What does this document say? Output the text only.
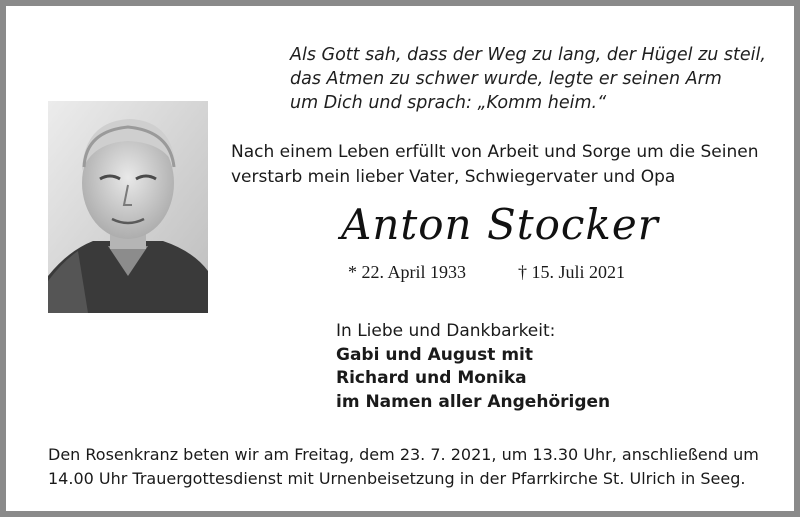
Als Gott sah, dass der Weg zu lang, der Hügel zu steil,
das Atmen zu schwer wurde, legte er seinen Arm
um Dich und sprach: „Komm heim.“
Nach einem Leben erfüllt von Arbeit und Sorge um die Seinen
verstarb mein lieber Vater, Schwiegervater und Opa
Anton Stocker
* 22. April 1933	† 15. Juli 2021
In Liebe und Dankbarkeit:
Gabi und August mit
Richard und Monika
im Namen aller Angehörigen
Den Rosenkranz beten wir am Freitag, dem 23. 7. 2021, um 13.30 Uhr, anschließend um
14.00 Uhr Trauergottesdienst mit Urnenbeisetzung in der Pfarrkirche St. Ulrich in Seeg.
